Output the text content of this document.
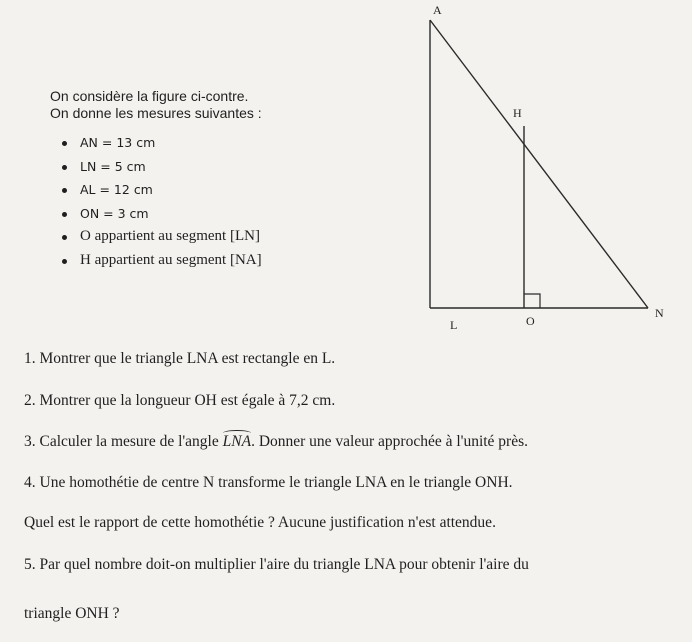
On considère la figure ci-contre.
On donne les mesures suivantes :
AN = 13 cm
LN = 5 cm
AL = 12 cm
ON = 3 cm
O appartient au segment [LN]
H appartient au segment [NA]
A
H
L	O
N
1. Montrer que le triangle LNA est rectangle en L.
2. Montrer que la longueur OH est égale à 7,2 cm.
3. Calculer la mesure de l'angle LNA. Donner une valeur approchée à l'unité près.
4. Une homothétie de centre N transforme le triangle LNA en le triangle ONH.
Quel est le rapport de cette homothétie ? Aucune justification n'est attendue.
5. Par quel nombre doit-on multiplier l'aire du triangle LNA pour obtenir l'aire du
triangle ONH ?
